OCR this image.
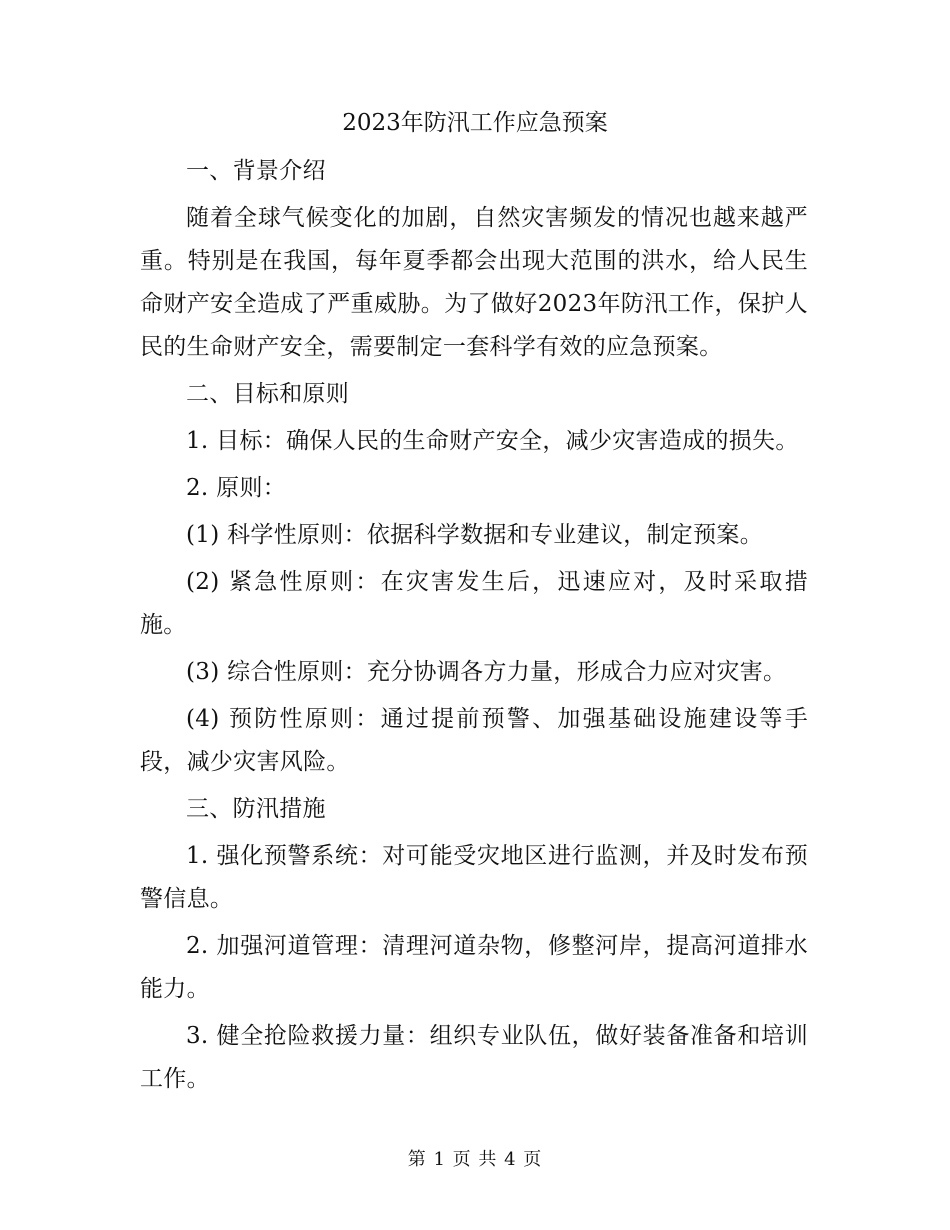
2023年防汛工作应急预案

一、背景介绍

随着全球气候变化的加剧，自然灾害频发的情况也越来越严重。特别是在我国，每年夏季都会出现大范围的洪水，给人民生命财产安全造成了严重威胁。为了做好2023年防汛工作，保护人民的生命财产安全，需要制定一套科学有效的应急预案。

二、目标和原则

1. 目标：确保人民的生命财产安全，减少灾害造成的损失。

2. 原则：

(1) 科学性原则：依据科学数据和专业建议，制定预案。

(2) 紧急性原则：在灾害发生后，迅速应对，及时采取措施。

(3) 综合性原则：充分协调各方力量，形成合力应对灾害。

(4) 预防性原则：通过提前预警、加强基础设施建设等手段，减少灾害风险。

三、防汛措施

1. 强化预警系统：对可能受灾地区进行监测，并及时发布预警信息。

2. 加强河道管理：清理河道杂物，修整河岸，提高河道排水能力。

3. 健全抢险救援力量：组织专业队伍，做好装备准备和培训工作。

第 1 页 共 4 页
